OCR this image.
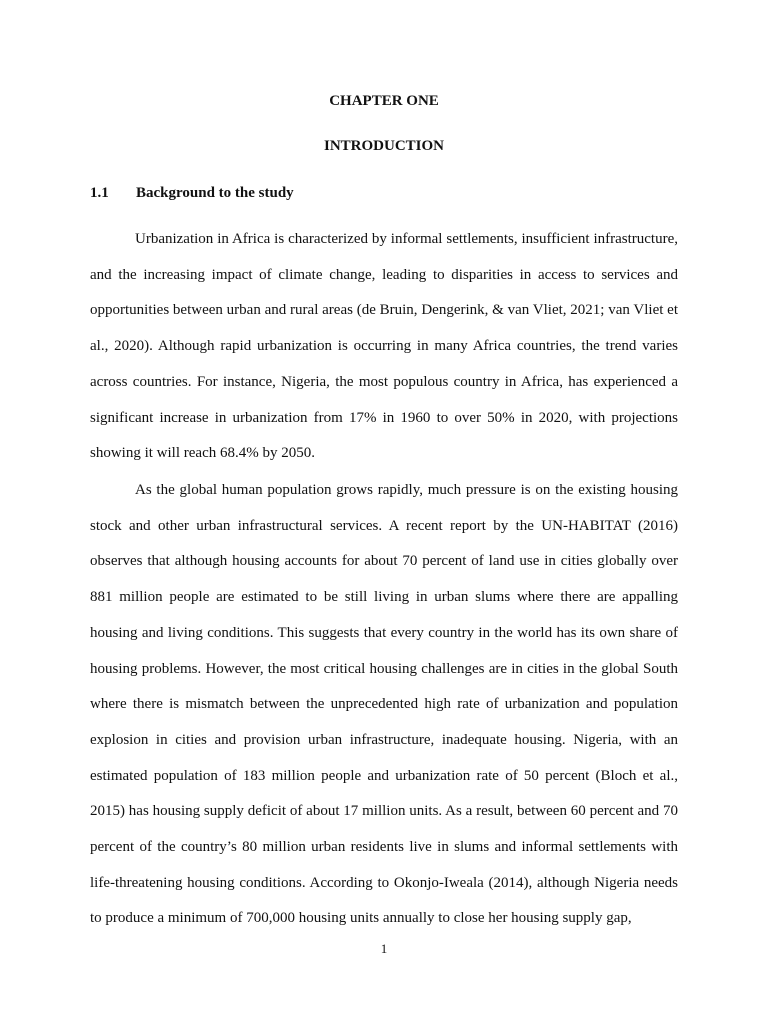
CHAPTER ONE
INTRODUCTION
1.1 Background to the study

Urbanization in Africa is characterized by informal settlements, insufficient infrastructure, and the increasing impact of climate change, leading to disparities in access to services and opportunities between urban and rural areas (de Bruin, Dengerink, & van Vliet, 2021; van Vliet et al., 2020). Although rapid urbanization is occurring in many Africa countries, the trend varies across countries. For instance, Nigeria, the most populous country in Africa, has experienced a significant increase in urbanization from 17% in 1960 to over 50% in 2020, with projections showing it will reach 68.4% by 2050.

As the global human population grows rapidly, much pressure is on the existing housing stock and other urban infrastructural services. A recent report by the UN-HABITAT (2016) observes that although housing accounts for about 70 percent of land use in cities globally over 881 million people are estimated to be still living in urban slums where there are appalling housing and living conditions. This suggests that every country in the world has its own share of housing problems. However, the most critical housing challenges are in cities in the global South where there is mismatch between the unprecedented high rate of urbanization and population explosion in cities and provision urban infrastructure, inadequate housing. Nigeria, with an estimated population of 183 million people and urbanization rate of 50 percent (Bloch et al., 2015) has housing supply deficit of about 17 million units. As a result, between 60 percent and 70 percent of the country’s 80 million urban residents live in slums and informal settlements with life-threatening housing conditions. According to Okonjo-Iweala (2014), although Nigeria needs to produce a minimum of 700,000 housing units annually to close her housing supply gap,

1
